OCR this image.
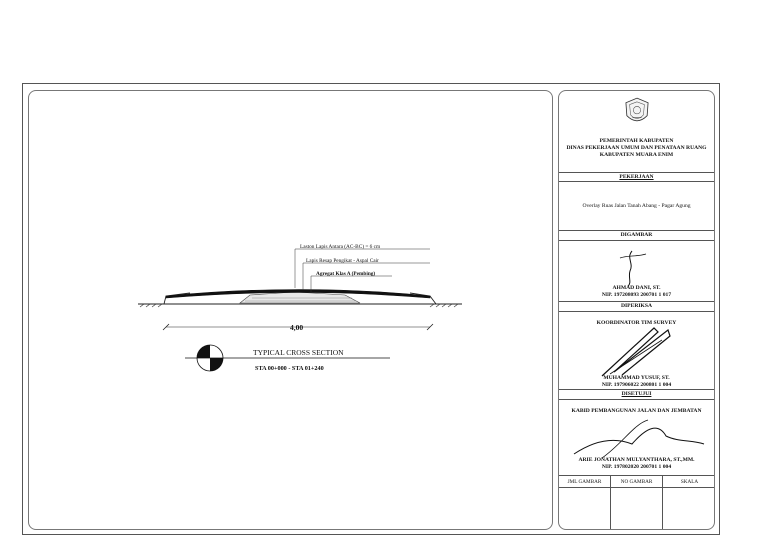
Laston Lapis Antara (AC-BC) = 6 cm
Lapis Resap Pengikat - Aspal Cair
Agregat Klas A (Pembing)
4,00
TYPICAL CROSS SECTION
STA 00+000 - STA 01+240
PEMERINTAH KABUPATEN
DINAS PEKERJAAN UMUM DAN PENATAAN RUANG
KABUPATEN MUARA ENIM
PEKERJAAN
Overlay Ruas Jalan Tanah Abang - Pagar Agung
DIGAMBAR
AHMAD DANI, ST.
NIP. 197208093 200701 1 017
DIPERIKSA
KOORDINATOR TIM SURVEY
MUHAMMAD YUSUF, ST.
NIP. 197906022 200801 1 004
DISETUJUI
KABID PEMBANGUNAN JALAN DAN JEMBATAN
ARIE JONATHAN MULYANTHARA, ST.,MM.
NIP. 197802020 200701 1 004
JML GAMBAR	NO GAMBAR	SKALA
